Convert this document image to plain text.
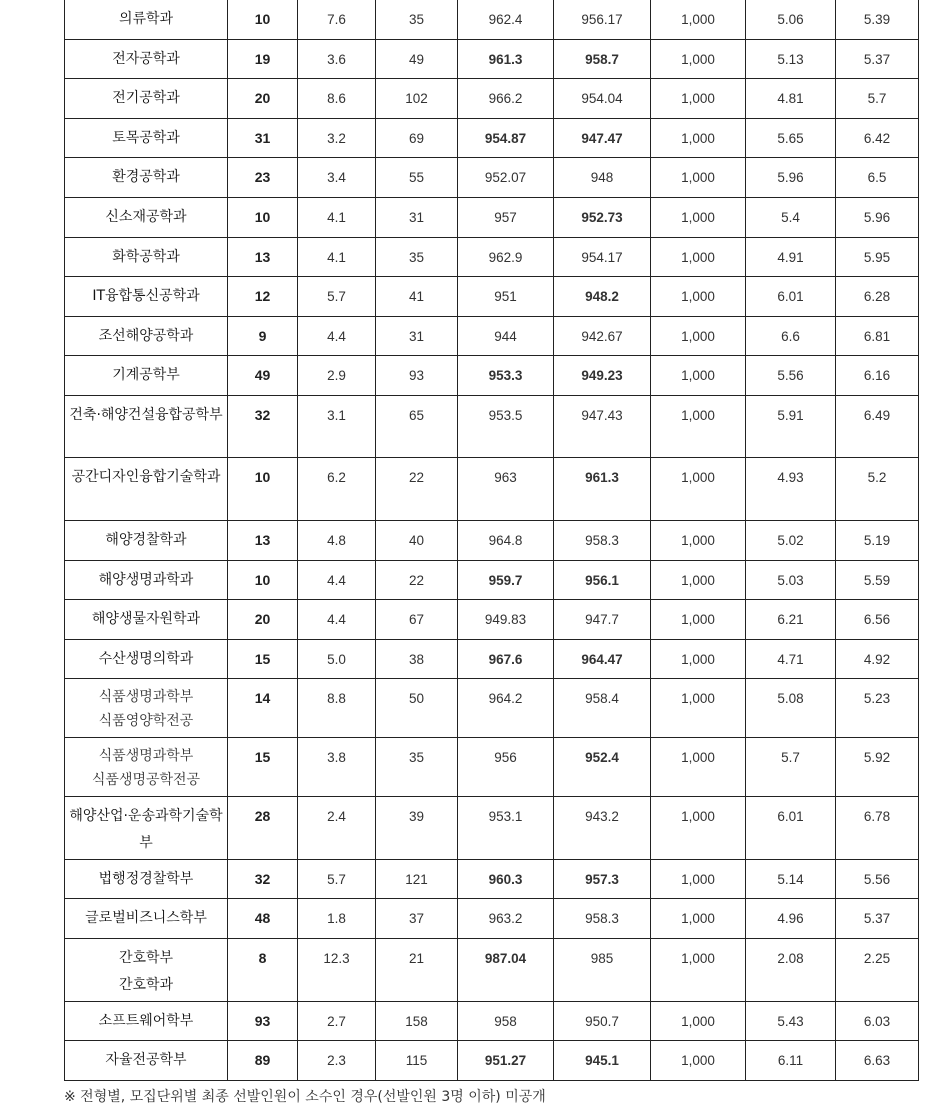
의류학과	10	7.6	35	962.4	956.17	1,000	5.06	5.39
전자공학과	19	3.6	49	961.3	958.7	1,000	5.13	5.37
전기공학과	20	8.6	102	966.2	954.04	1,000	4.81	5.7
토목공학과	31	3.2	69	954.87	947.47	1,000	5.65	6.42
환경공학과	23	3.4	55	952.07	948	1,000	5.96	6.5
신소재공학과	10	4.1	31	957	952.73	1,000	5.4	5.96
화학공학과	13	4.1	35	962.9	954.17	1,000	4.91	5.95
IT융합통신공학과	12	5.7	41	951	948.2	1,000	6.01	6.28
조선해양공학과	9	4.4	31	944	942.67	1,000	6.6	6.81
기계공학부	49	2.9	93	953.3	949.23	1,000	5.56	6.16
건축·해양건설융합공학부	32	3.1	65	953.5	947.43	1,000	5.91	6.49
공간디자인융합기술학과	10	6.2	22	963	961.3	1,000	4.93	5.2
해양경찰학과	13	4.8	40	964.8	958.3	1,000	5.02	5.19
해양생명과학과	10	4.4	22	959.7	956.1	1,000	5.03	5.59
해양생물자원학과	20	4.4	67	949.83	947.7	1,000	6.21	6.56
수산생명의학과	15	5.0	38	967.6	964.47	1,000	4.71	4.92
식품생명과학부
식품영양학전공	14	8.8	50	964.2	958.4	1,000	5.08	5.23
식품생명과학부
식품생명공학전공	15	3.8	35	956	952.4	1,000	5.7	5.92
해양산업·운송과학기술학부	28	2.4	39	953.1	943.2	1,000	6.01	6.78
법행정경찰학부	32	5.7	121	960.3	957.3	1,000	5.14	5.56
글로벌비즈니스학부	48	1.8	37	963.2	958.3	1,000	4.96	5.37
간호학부
간호학과	8	12.3	21	987.04	985	1,000	2.08	2.25
소프트웨어학부	93	2.7	158	958	950.7	1,000	5.43	6.03
자율전공학부	89	2.3	115	951.27	945.1	1,000	6.11	6.63
※ 전형별, 모집단위별 최종 선발인원이 소수인 경우(선발인원 3명 이하) 미공개
